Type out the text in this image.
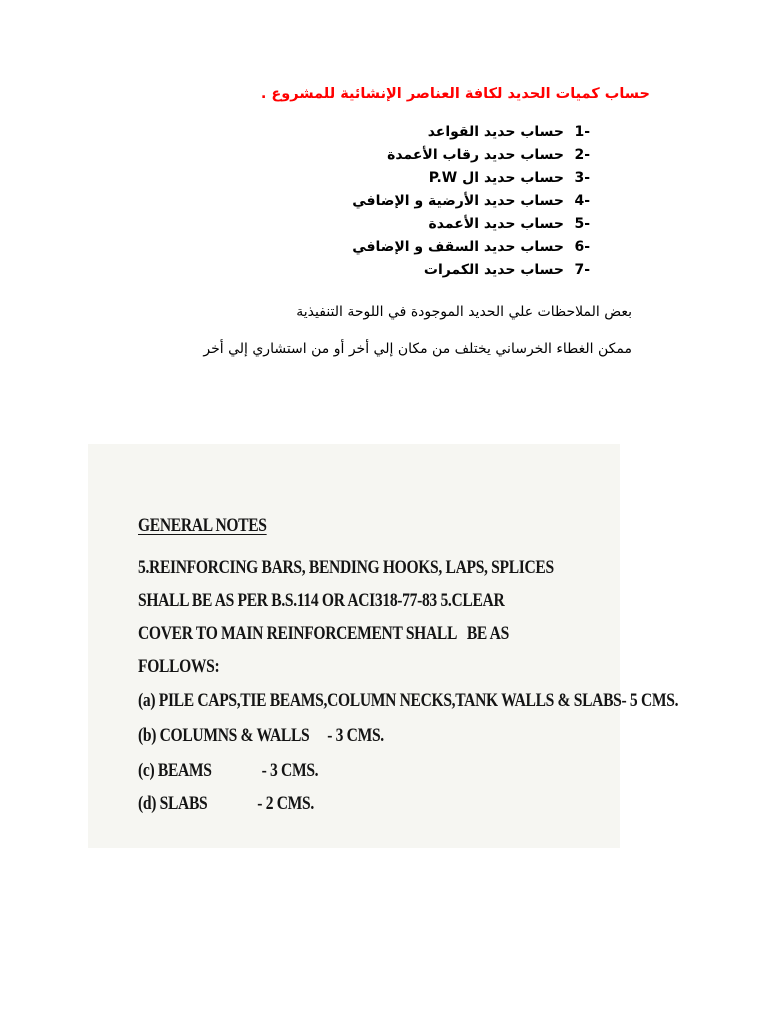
حساب كميات الحديد لكافة العناصر الإنشائية للمشروع .
-1حساب حديد القواعد
-2حساب حديد رقاب الأعمدة
-3حساب حديد ال P.W
-4حساب حديد الأرضية و الإضافي
-5حساب حديد الأعمدة
-6حساب حديد السقف و الإضافي
-7حساب حديد الكمرات
بعض الملاحظات علي الحديد الموجودة في اللوحة التنفيذية
ممكن الغطاء الخرساني يختلف من مكان إلي أخر أو من استشاري إلي أخر
GENERAL NOTES
5.REINFORCING BARS, BENDING HOOKS, LAPS, SPLICES
SHALL BE AS PER B.S.114 OR ACI318-77-83 5.CLEAR
COVER TO MAIN REINFORCEMENT SHALL   BE AS
FOLLOWS:
(a) PILE CAPS,TIE BEAMS,COLUMN NECKS,TANK WALLS & SLABS- 5 CMS.
(b) COLUMNS & WALLS     - 3 CMS.
(c) BEAMS              - 3 CMS.
(d) SLABS              - 2 CMS.
